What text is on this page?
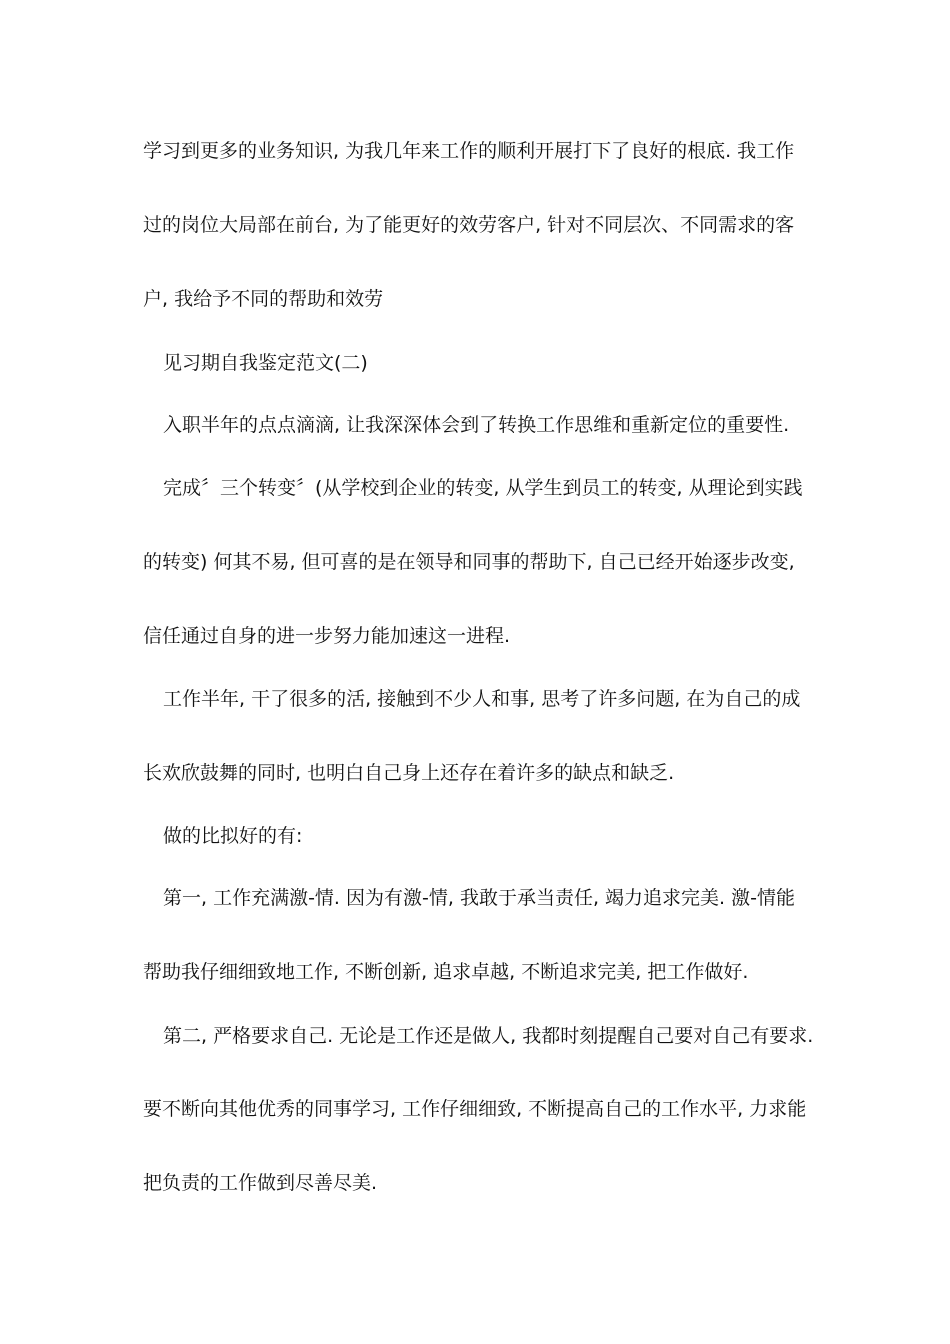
学习到更多的业务知识, 为我几年来工作的顺利开展打下了良好的根底. 我工作
过的岗位大局部在前台, 为了能更好的效劳客户, 针对不同层次、不同需求的客
户, 我给予不同的帮助和效劳
见习期自我鉴定范文(二)
入职半年的点点滴滴, 让我深深体会到了转换工作思维和重新定位的重要性.
完成〞三个转变〞(从学校到企业的转变, 从学生到员工的转变, 从理论到实践
的转变) 何其不易, 但可喜的是在领导和同事的帮助下, 自己已经开始逐步改变,
信任通过自身的进一步努力能加速这一进程.
工作半年, 干了很多的活, 接触到不少人和事, 思考了许多问题, 在为自己的成
长欢欣鼓舞的同时, 也明白自己身上还存在着许多的缺点和缺乏.
做的比拟好的有:
第一, 工作充满激-情. 因为有激-情, 我敢于承当责任, 竭力追求完美. 激-情能
帮助我仔细细致地工作, 不断创新, 追求卓越, 不断追求完美, 把工作做好.
第二, 严格要求自己. 无论是工作还是做人, 我都时刻提醒自己要对自己有要求.
要不断向其他优秀的同事学习, 工作仔细细致, 不断提高自己的工作水平, 力求能
把负责的工作做到尽善尽美.
